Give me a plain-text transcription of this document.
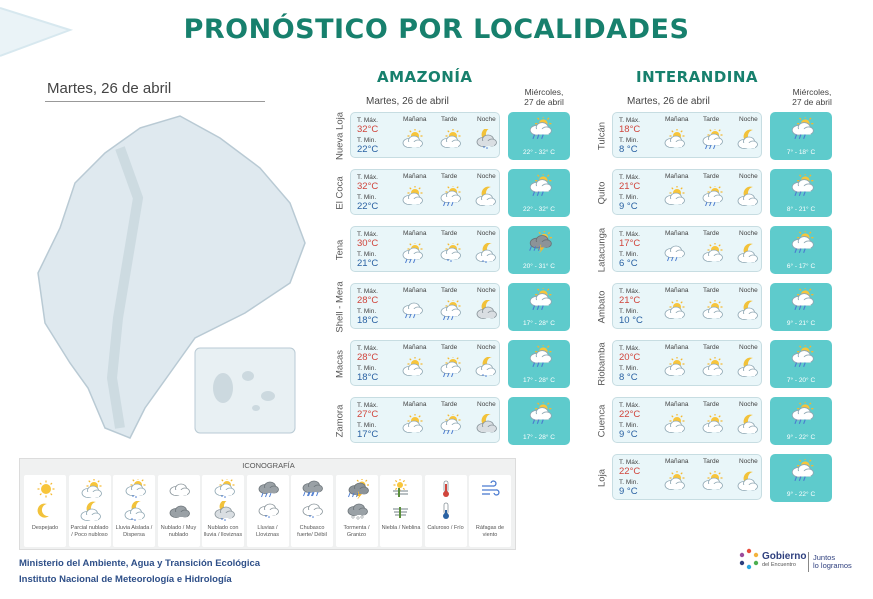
PRONÓSTICO POR LOCALIDADES
Martes, 26 de abril
AMAZONÍA
Martes, 26 de abril
Miércoles,
27 de abril
Nueva Loja T. Máx.
32°C
T. Min.
22°C
Mañana Tarde	Noche
22° - 32° C
El Coca T. Máx.
32°C
T. Min.
22°C
Mañana Tarde	Noche
22° - 32° C
Tena
T. Máx.
30°C
T. Min.
21°C
Mañana Tarde	Noche
20° - 31° C
Shell - Mera T. Máx.
28°C
T. Min.
18°C
Mañana Tarde	Noche
17° - 28° C
Macas
T. Máx.
28°C
T. Min.
18°C
Mañana Tarde	Noche
17° - 28° C
Zamora T. Máx.
27°C
T. Min.
17°C
Mañana Tarde	Noche
17° - 28° C
INTERANDINA
Martes, 26 de abril
Miércoles,
27 de abril
Tulcán
T. Máx.
18°C
T. Min.
8 °C
Mañana Tarde	Noche
7° - 18° C
Quito
T. Máx.
21°C
T. Min.
9 °C
Mañana Tarde	Noche
8° - 21° C
Latacunga T. Máx.
17°C
T. Min.
6 °C
Mañana Tarde	Noche
6° - 17° C
Ambato T. Máx.
21°C
T. Min.
10 °C
Mañana Tarde	Noche
9° - 21° C
Riobamba T. Máx.
20°C
T. Min.
8 °C
Mañana Tarde	Noche
7° - 20° C
Cuenca T. Máx.
22°C
T. Min.
9 °C
Mañana Tarde	Noche
9° - 22° C
Loja
T. Máx.
22°C
T. Min.
9 °C
Mañana Tarde	Noche
9° - 22° C
ICONOGRAFÍA
Despejado	Parcial nublado / Poco nubloso
Lluvia Aislada / Dispersa
Nublado / Muy nublado
Nublado con lluvia / lloviznas
Lluvias / Lloviznas
Chubasco fuerte/ Débil
Tormenta / Granizo
Niebla / Neblina	Caluroso / Frío	Ráfagas de viento
Ministerio del Ambiente, Agua y Transición Ecológica
Instituto Nacional de Meteorología e Hidrología
Gobierno
del Encuentro
Juntos
lo logramos
